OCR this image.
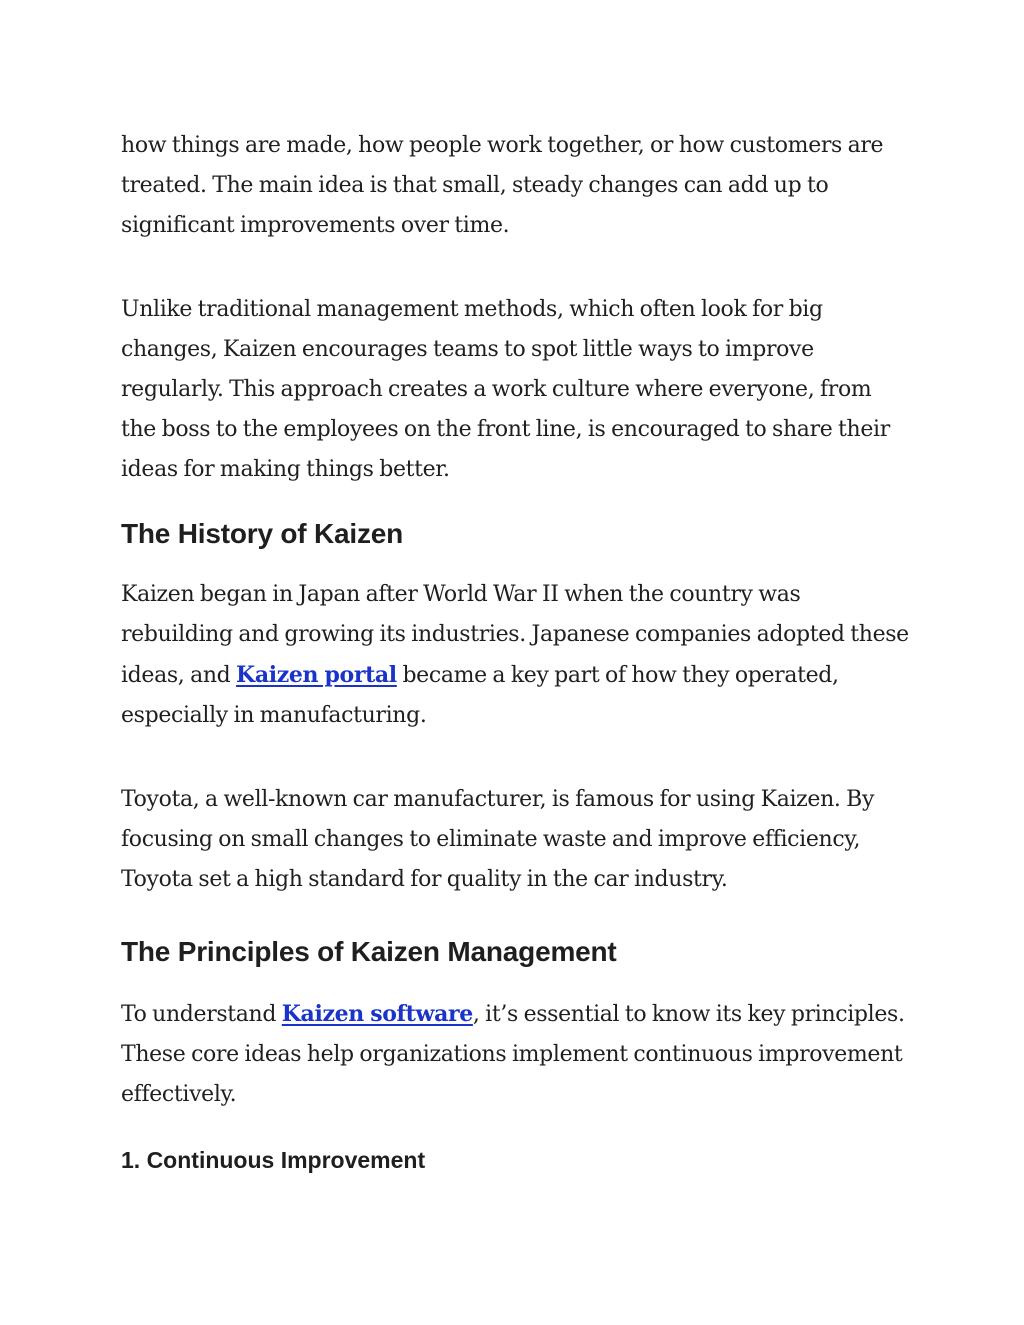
how things are made, how people work together, or how customers are treated. The main idea is that small, steady changes can add up to significant improvements over time.

Unlike traditional management methods, which often look for big changes, Kaizen encourages teams to spot little ways to improve regularly. This approach creates a work culture where everyone, from the boss to the employees on the front line, is encouraged to share their ideas for making things better.

The History of Kaizen

Kaizen began in Japan after World War II when the country was rebuilding and growing its industries. Japanese companies adopted these ideas, and Kaizen portal became a key part of how they operated, especially in manufacturing.

Toyota, a well-known car manufacturer, is famous for using Kaizen. By focusing on small changes to eliminate waste and improve efficiency, Toyota set a high standard for quality in the car industry.

The Principles of Kaizen Management

To understand Kaizen software, it’s essential to know its key principles. These core ideas help organizations implement continuous improvement effectively.

1. Continuous Improvement
